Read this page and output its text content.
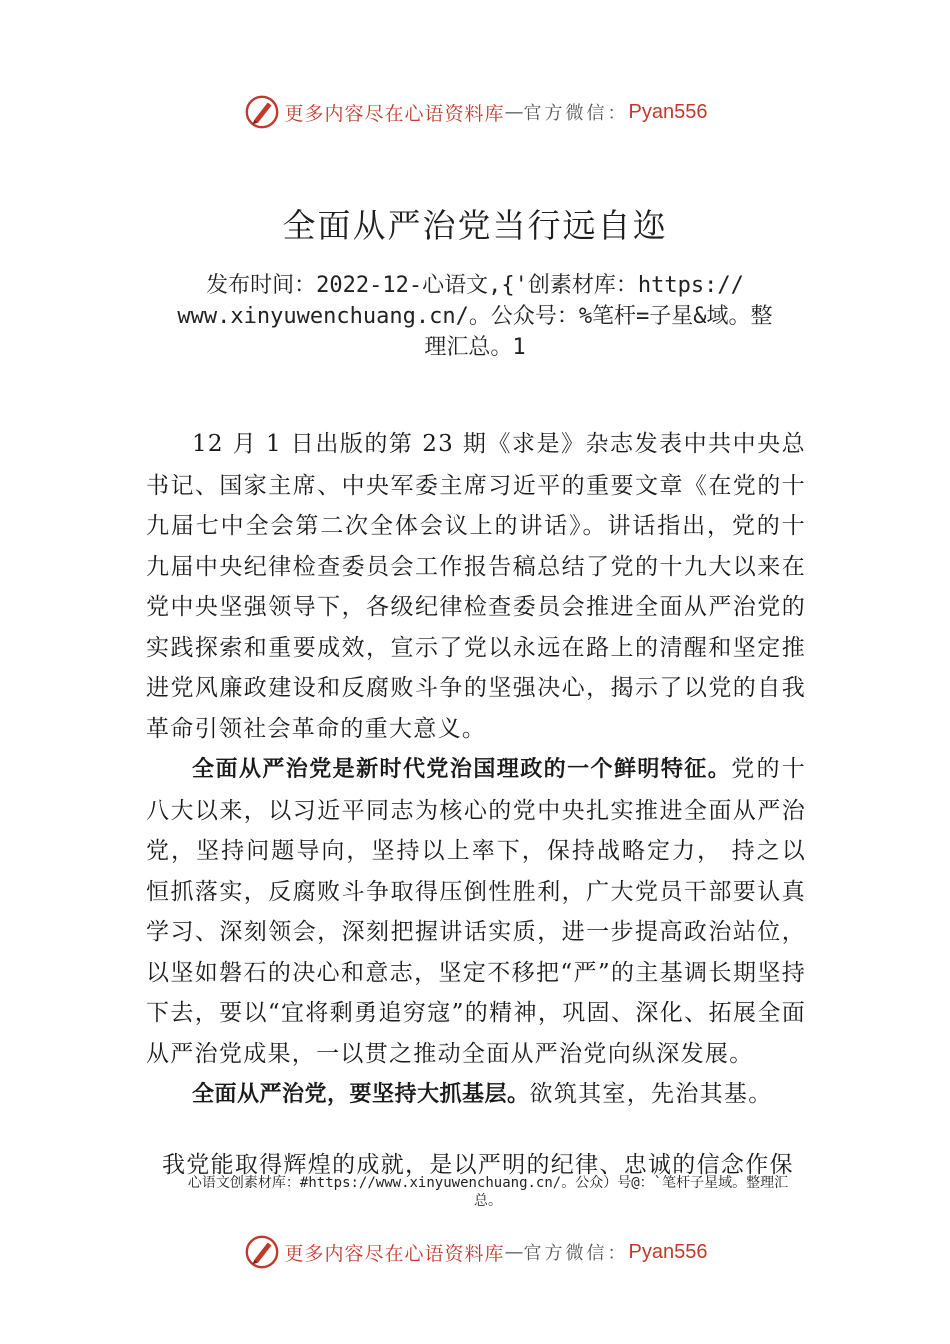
更多内容尽在心语资料库 — 官方微信： Pyan556
全面从严治党当行远自迩
发布时间：2022-12-心语文,{'创素材库：https://
www.xinyuwenchuang.cn/。公众号：%笔杆=子星&域。整
理汇总。1

12 月 1 日出版的第 23 期《求是》杂志发表中共中央总书记、国家主席、中央军委主席习近平的重要文章《在党的十九届七中全会第二次全体会议上的讲话》。讲话指出，党的十九届中央纪律检查委员会工作报告稿总结了党的十九大以来在党中央坚强领导下，各级纪律检查委员会推进全面从严治党的实践探索和重要成效，宣示了党以永远在路上的清醒和坚定推进党风廉政建设和反腐败斗争的坚强决心，揭示了以党的自我革命引领社会革命的重大意义。

全面从严治党是新时代党治国理政的一个鲜明特征。党的十八大以来，以习近平同志为核心的党中央扎实推进全面从严治党，坚持问题导向，坚持以上率下，保持战略定力， 持之以恒抓落实，反腐败斗争取得压倒性胜利，广大党员干部要认真学习、深刻领会，深刻把握讲话实质，进一步提高政治站位，以坚如磐石的决心和意志，坚定不移把“严”的主基调长期坚持下去，要以“宜将剩勇追穷寇”的精神，巩固、深化、拓展全面从严治党成果，一以贯之推动全面从严治党向纵深发展。

全面从严治党，要坚持大抓基层。欲筑其室，先治其基。

我党能取得辉煌的成就，是以严明的纪律、忠诚的信念作保
心语文创素材库：#https://www.xinyuwenchuang.cn/。公众）号@：`笔杆子星域。整理汇
总。
更多内容尽在心语资料库 — 官方微信： Pyan556
